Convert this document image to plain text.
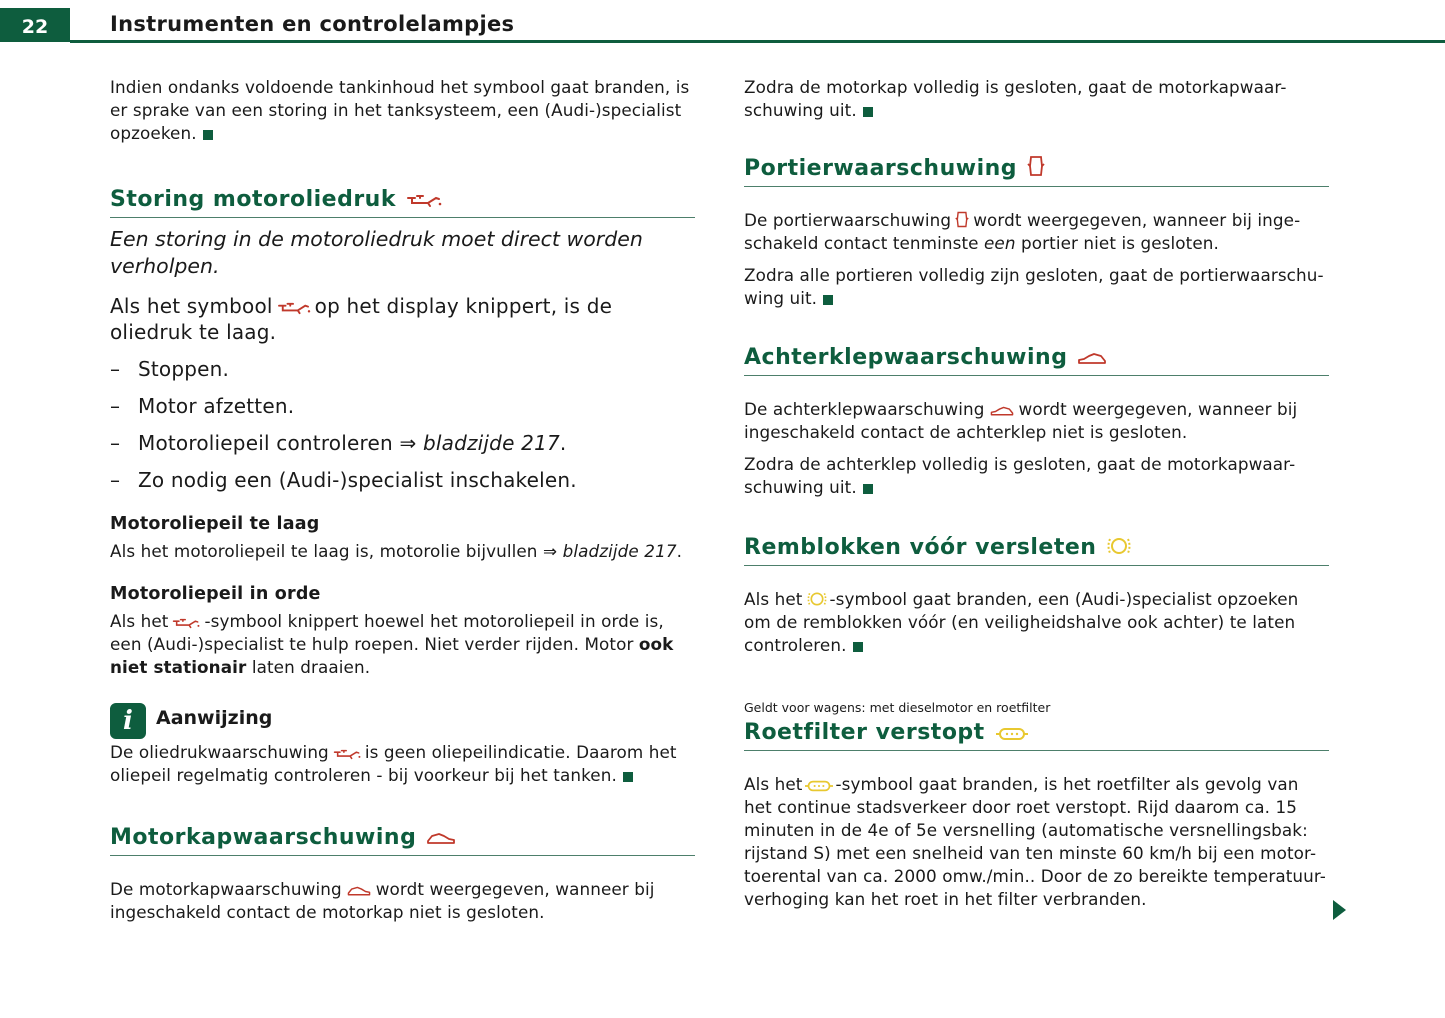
22	Instrumenten en controlelampjes

Indien ondanks voldoende tankinhoud het symbool gaat branden, is er sprake van een storing in het tanksysteem, een (Audi-)specialist opzoeken.

Storing motoroliedruk

Een storing in de motoroliedruk moet direct worden verholpen.

Als het symbool op het display knippert, is de oliedruk te laag.

– Stoppen.

– Motor afzetten.

– Motoroliepeil controleren ⇒ bladzijde 217.

– Zo nodig een (Audi-)specialist inschakelen.

Motoroliepeil te laag

Als het motoroliepeil te laag is, motorolie bijvullen ⇒ bladzijde 217.

Motoroliepeil in orde

Als het -symbool knippert hoewel het motoroliepeil in orde is, een (Audi-)specialist te hulp roepen. Niet verder rijden. Motor ook niet stationair laten draaien.

i Aanwijzing

De oliedrukwaarschuwing is geen oliepeilindicatie. Daarom het oliepeil regelmatig controleren - bij voorkeur bij het tanken.

Motorkapwaarschuwing

De motorkapwaarschuwing wordt weergegeven, wanneer bij ingeschakeld contact de motorkap niet is gesloten.

Zodra de motorkap volledig is gesloten, gaat de motorkapwaar-schuwing uit.

Portierwaarschuwing

De portierwaarschuwing wordt weergegeven, wanneer bij inge-schakeld contact tenminste een portier niet is gesloten.

Zodra alle portieren volledig zijn gesloten, gaat de portierwaarschu-wing uit.

Achterklepwaarschuwing

De achterklepwaarschuwing wordt weergegeven, wanneer bij ingeschakeld contact de achterklep niet is gesloten.

Zodra de achterklep volledig is gesloten, gaat de motorkapwaar-schuwing uit.

Remblokken vóór versleten

Als het -symbool gaat branden, een (Audi-)specialist opzoeken om de remblokken vóór (en veiligheidshalve ook achter) te laten controleren.

Geldt voor wagens: met dieselmotor en roetfilter

Roetfilter verstopt

Als het -symbool gaat branden, is het roetfilter als gevolg van het continue stadsverkeer door roet verstopt. Rijd daarom ca. 15 minuten in de 4e of 5e versnelling (automatische versnellingsbak: rijstand S) met een snelheid van ten minste 60 km/h bij een motor-toerental van ca. 2000 omw./min.. Door de zo bereikte temperatuur-verhoging kan het roet in het filter verbranden.
